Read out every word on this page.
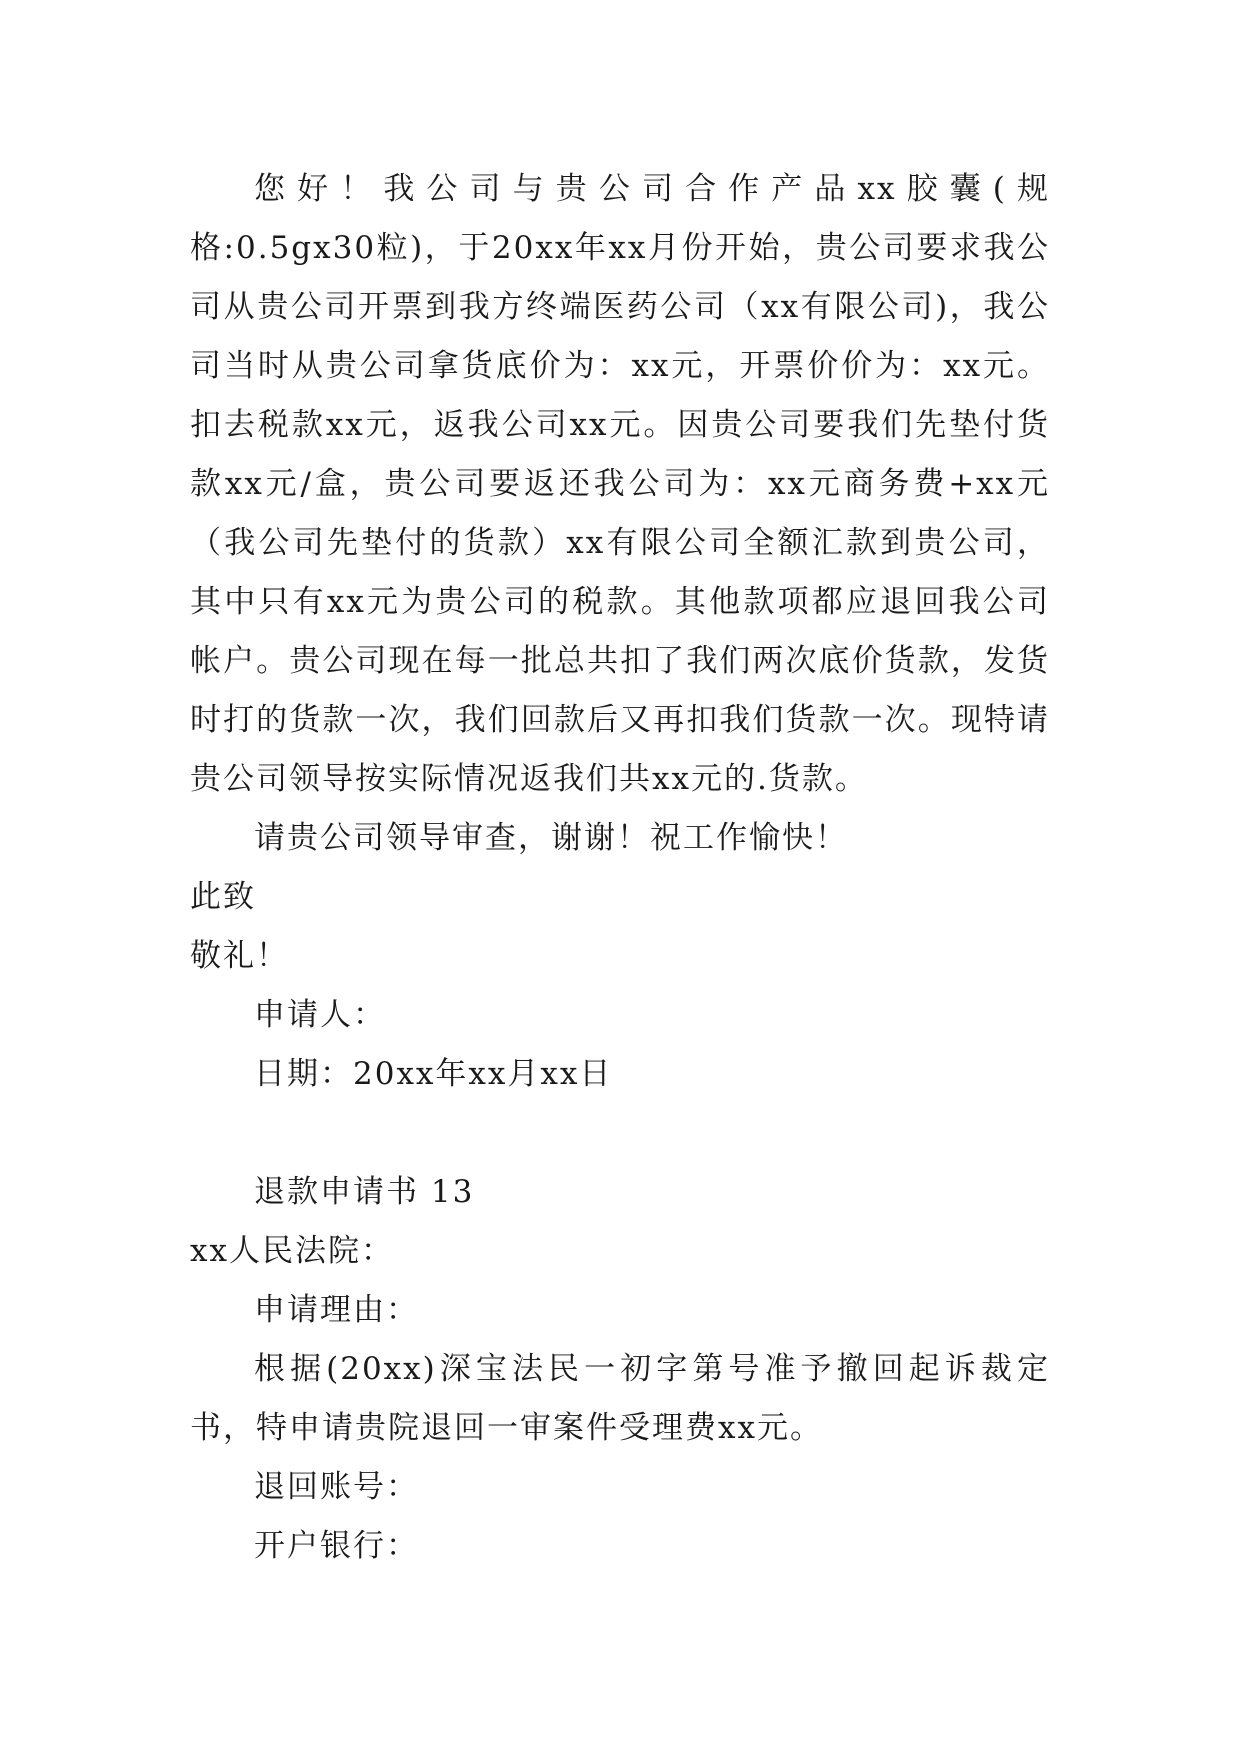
您好！我公司与贵公司合作产品xx胶囊(规格:0.5gx30粒)，于20xx年xx月份开始，贵公司要求我公司从贵公司开票到我方终端医药公司（xx有限公司)，我公司当时从贵公司拿货底价为：xx元，开票价价为：xx元。扣去税款xx元，返我公司xx元。因贵公司要我们先垫付货款xx元/盒，贵公司要返还我公司为：xx元商务费+xx元（我公司先垫付的货款）xx有限公司全额汇款到贵公司，其中只有xx元为贵公司的税款。其他款项都应退回我公司帐户。贵公司现在每一批总共扣了我们两次底价货款，发货时打的货款一次，我们回款后又再扣我们货款一次。现特请贵公司领导按实际情况返我们共xx元的.货款。

请贵公司领导审查，谢谢！祝工作愉快！

此致

敬礼！

申请人：

日期：20xx年xx月xx日

退款申请书 13

xx人民法院：

申请理由：

根据(20xx)深宝法民一初字第号准予撤回起诉裁定书，特申请贵院退回一审案件受理费xx元。

退回账号：

开户银行：
